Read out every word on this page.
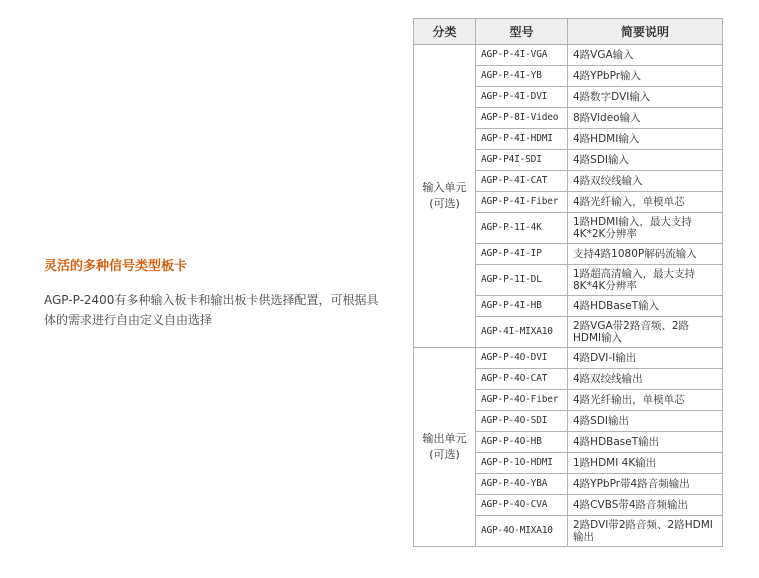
灵活的多种信号类型板卡

AGP-P-2400有多种输入板卡和输出板卡供选择配置，可根据具体的需求进行自由定义自由选择

分类	型号	简要说明
输入单元
(可选)	AGP-P-4I-VGA	4路VGA输入
	AGP-P-4I-YB	4路YPbPr输入
	AGP-P-4I-DVI	4路数字DVI输入
	AGP-P-8I-Video	8路Video输入
	AGP-P-4I-HDMI	4路HDMI输入
	AGP-P4I-SDI	4路SDI输入
	AGP-P-4I-CAT	4路双绞线输入
	AGP-P-4I-Fiber	4路光纤输入，单模单芯
	AGP-P-1I-4K	1路HDMI输入，最大支持4K*2K分辨率
	AGP-P-4I-IP	支持4路1080P解码流输入
	AGP-P-1I-DL	1路超高清输入，最大支持8K*4K分辨率
	AGP-P-4I-HB	4路HDBaseT输入
	AGP-4I-MIXA10	2路VGA带2路音频、2路HDMI输入
输出单元
(可选)	AGP-P-4O-DVI	4路DVI-I输出
	AGP-P-4O-CAT	4路双绞线输出
	AGP-P-4O-Fiber	4路光纤输出，单模单芯
	AGP-P-4O-SDI	4路SDI输出
	AGP-P-4O-HB	4路HDBaseT输出
	AGP-P-1O-HDMI	1路HDMI 4K输出
	AGP-P-4O-YBA	4路YPbPr带4路音频输出
	AGP-P-4O-CVA	4路CVBS带4路音频输出
	AGP-4O-MIXA10	2路DVI带2路音频、2路HDMI输出
